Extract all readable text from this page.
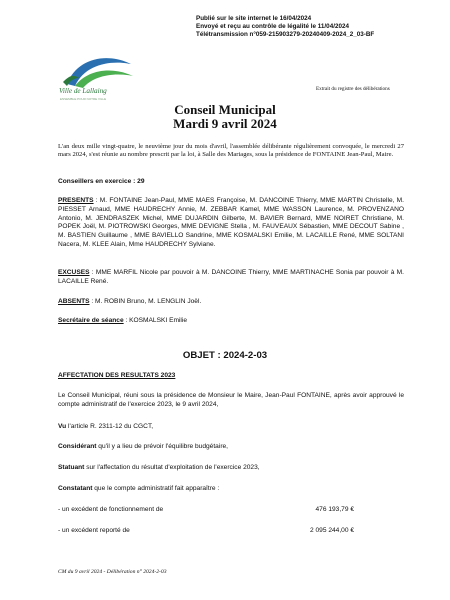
Publié sur le site internet le 16/04/2024
Envoyé et reçu au contrôle de légalité le 11/04/2024
Télétransmission n°059-215903279-20240409-2024_2_03-BF
Ville de Lallaing
ENSEMBLE POUR NOTRE VILLE
Extrait du registre des délibérations
Conseil Municipal
Mardi 9 avril 2024
L'an deux mille vingt-quatre, le neuvième jour du mois d'avril, l'assemblée délibérante régulièrement convoquée, le mercredi 27 mars 2024, s'est réunie au nombre prescrit par la loi, à Salle des Mariages, sous la présidence de FONTAINE Jean-Paul, Maire.
Conseillers en exercice : 29
PRESENTS : M. FONTAINE Jean-Paul, MME MAES Françoise, M. DANCOINE Thierry, MME MARTIN Christelle, M. PIESSET Arnaud, MME HAUDRECHY Annie, M. ZEBBAR Kamel, MME WASSON Laurence, M. PROVENZANO Antonio, M. JENDRASZEK Michel, MME DUJARDIN Gilberte, M. BAVIER Bernard, MME NOIRET Christiane, M. POPEK Joël, M. PIOTROWSKI Georges, MME DEVIGNE Stella , M. FAUVEAUX Sébastien, MME DECOUT Sabine , M. BASTIEN Guillaume , MME BAVIELLO Sandrine, MME KOSMALSKI Emilie, M. LACAILLE René, MME SOLTANI Nacera, M. KLEE Alain, Mme HAUDRECHY Sylviane.
EXCUSES : MME MARFIL Nicole par pouvoir à M. DANCOINE Thierry, MME MARTINACHE Sonia par pouvoir à M. LACAILLE René.
ABSENTS : M. ROBIN Bruno, M. LENGLIN Joël.
Secrétaire de séance : KOSMALSKI Emilie
OBJET : 2024-2-03
AFFECTATION DES RESULTATS 2023
Le Conseil Municipal, réuni sous la présidence de Monsieur le Maire, Jean-Paul FONTAINE, après avoir approuvé le compte administratif de l'exercice 2023, le 9 avril 2024,
Vu l'article R. 2311-12 du CGCT,
Considérant qu'il y a lieu de prévoir l'équilibre budgétaire,
Statuant sur l'affectation du résultat d'exploitation de l'exercice 2023,
Constatant que le compte administratif fait apparaître :
- un excédent de fonctionnement de	476 193,79 €
- un excédent reporté de	2 095 244,00 €
CM du 9 avril 2024 - Délibération n° 2024-2-03
